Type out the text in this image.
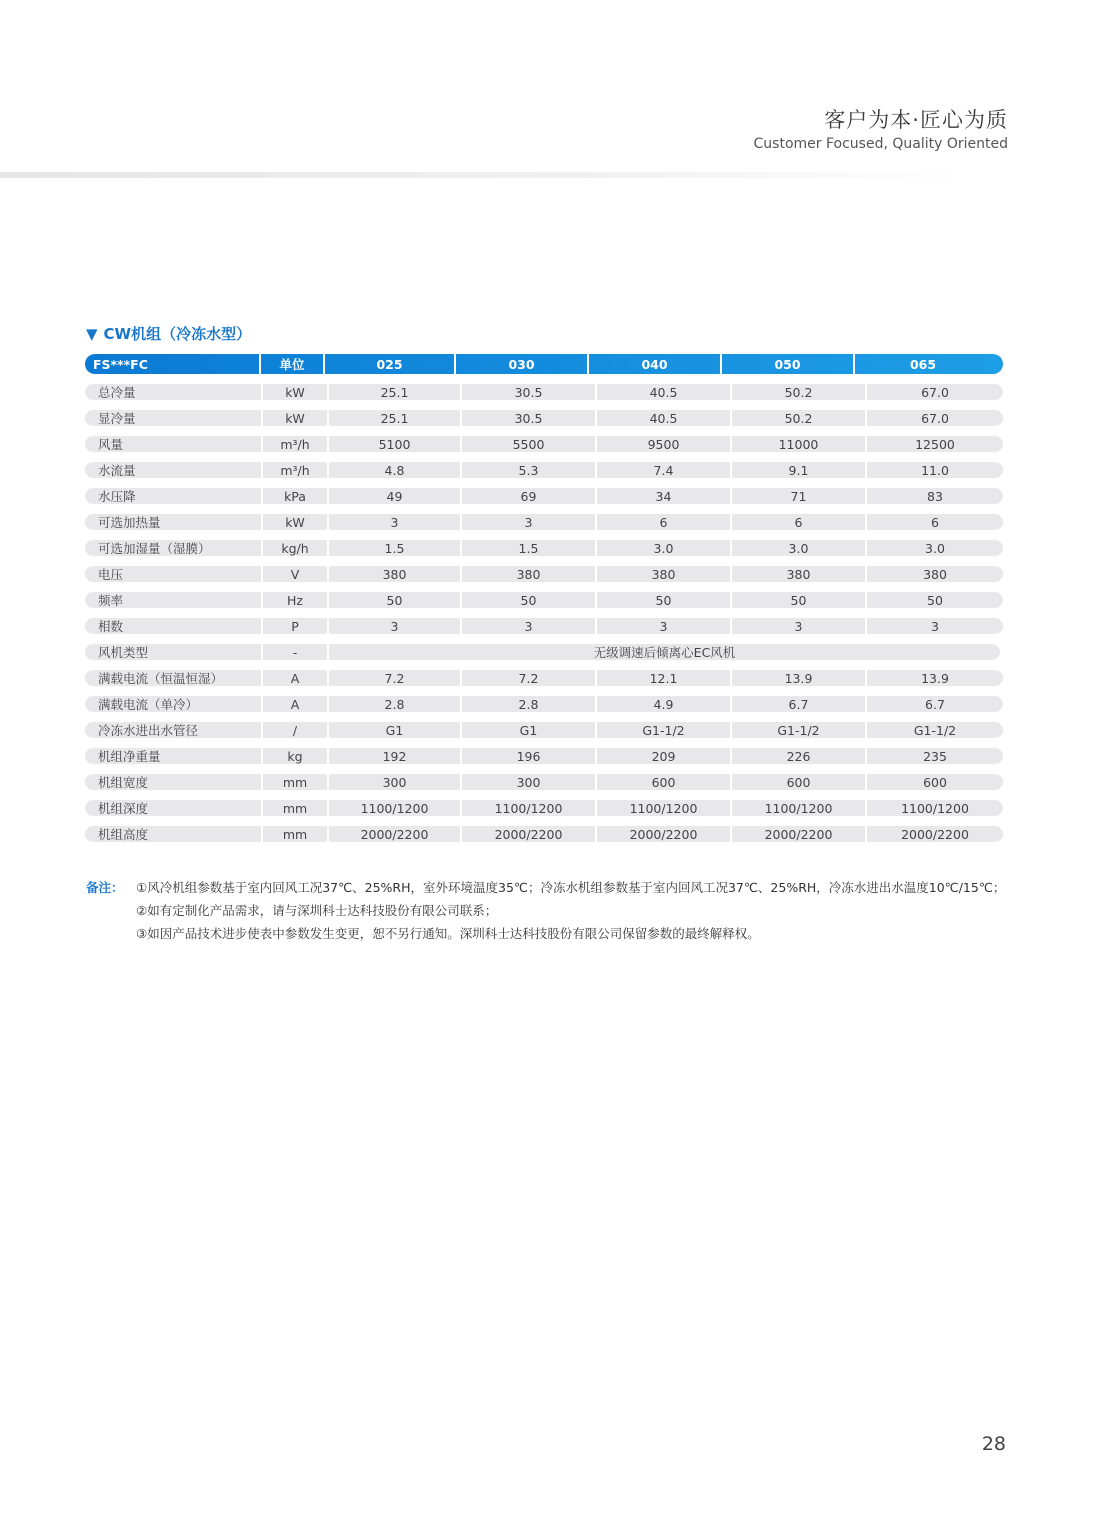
客户为本·匠心为质
Customer Focused, Quality Oriented
▼ CW机组（冷冻水型）
FS***FC	单位	025	030	040	050	065
总冷量	kW	25.1	30.5	40.5	50.2	67.0
显冷量	kW	25.1	30.5	40.5	50.2	67.0
风量	m³/h	5100	5500	9500	11000	12500
水流量	m³/h	4.8	5.3	7.4	9.1	11.0
水压降	kPa	49	69	34	71	83
可选加热量	kW	3	3	6	6	6
可选加湿量（湿膜）	kg/h	1.5	1.5	3.0	3.0	3.0
电压	V	380	380	380	380	380
频率	Hz	50	50	50	50	50
相数	P	3	3	3	3	3
风机类型	-	无级调速后倾离心EC风机
满载电流（恒温恒湿）	A	7.2	7.2	12.1	13.9	13.9
满载电流（单冷）	A	2.8	2.8	4.9	6.7	6.7
冷冻水进出水管径	/	G1	G1	G1-1/2	G1-1/2	G1-1/2
机组净重量	kg	192	196	209	226	235
机组宽度	mm	300	300	600	600	600
机组深度	mm	1100/1200	1100/1200	1100/1200	1100/1200	1100/1200
机组高度	mm	2000/2200	2000/2200	2000/2200	2000/2200	2000/2200
备注： ①风冷机组参数基于室内回风工况37℃、25%RH，室外环境温度35℃；冷冻水机组参数基于室内回风工况37℃、25%RH，冷冻水进出水温度10℃/15℃；
②如有定制化产品需求，请与深圳科士达科技股份有限公司联系；
③如因产品技术进步使表中参数发生变更，恕不另行通知。深圳科士达科技股份有限公司保留参数的最终解释权。
28
